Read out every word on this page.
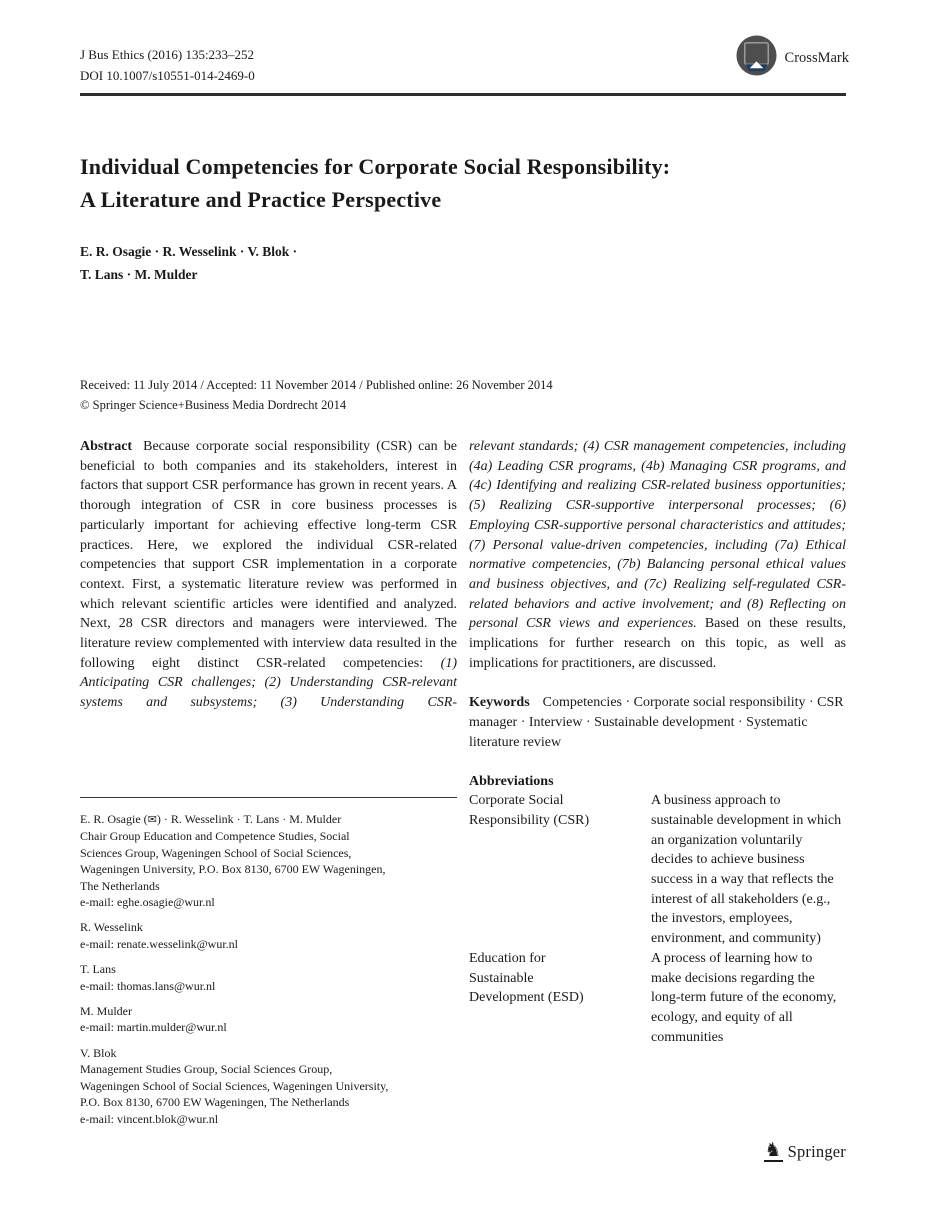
J Bus Ethics (2016) 135:233–252
DOI 10.1007/s10551-014-2469-0
CrossMark
Individual Competencies for Corporate Social Responsibility:
A Literature and Practice Perspective
E. R. Osagie · R. Wesselink · V. Blok ·
T. Lans · M. Mulder
Received: 11 July 2014 / Accepted: 11 November 2014 / Published online: 26 November 2014
© Springer Science+Business Media Dordrecht 2014

Abstract Because corporate social responsibility (CSR) can be beneficial to both companies and its stakeholders, interest in factors that support CSR performance has grown in recent years. A thorough integration of CSR in core business processes is particularly important for achieving effective long-term CSR practices. Here, we explored the individual CSR-related competencies that support CSR implementation in a corporate context. First, a systematic literature review was performed in which relevant scientific articles were identified and analyzed. Next, 28 CSR directors and managers were interviewed. The literature review complemented with interview data resulted in the following eight distinct CSR-related competencies: (1) Anticipating CSR challenges; (2) Understanding CSR-relevant systems and subsystems; (3) Understanding CSR-

E. R. Osagie (✉) · R. Wesselink · T. Lans · M. Mulder
Chair Group Education and Competence Studies, Social
Sciences Group, Wageningen School of Social Sciences,
Wageningen University, P.O. Box 8130, 6700 EW Wageningen,
The Netherlands
e-mail: eghe.osagie@wur.nl
R. Wesselink
e-mail: renate.wesselink@wur.nl
T. Lans
e-mail: thomas.lans@wur.nl
M. Mulder
e-mail: martin.mulder@wur.nl
V. Blok
Management Studies Group, Social Sciences Group,
Wageningen School of Social Sciences, Wageningen University,
P.O. Box 8130, 6700 EW Wageningen, The Netherlands
e-mail: vincent.blok@wur.nl

relevant standards; (4) CSR management competencies, including (4a) Leading CSR programs, (4b) Managing CSR programs, and (4c) Identifying and realizing CSR-related business opportunities; (5) Realizing CSR-supportive interpersonal processes; (6) Employing CSR-supportive personal characteristics and attitudes; (7) Personal value-driven competencies, including (7a) Ethical normative competencies, (7b) Balancing personal ethical values and business objectives, and (7c) Realizing self-regulated CSR-related behaviors and active involvement; and (8) Reflecting on personal CSR views and experiences. Based on these results, implications for further research on this topic, as well as implications for practitioners, are discussed.

Keywords Competencies · Corporate social responsibility · CSR manager · Interview · Sustainable development · Systematic literature review

Abbreviations
Corporate Social
Responsibility (CSR)
A business approach to sustainable development in which an organization voluntarily decides to achieve business success in a way that reflects the interest of all stakeholders (e.g., the investors, employees, environment, and community)
Education for
Sustainable
Development (ESD)
A process of learning how to make decisions regarding the long-term future of the economy, ecology, and equity of all communities
♞ Springer
